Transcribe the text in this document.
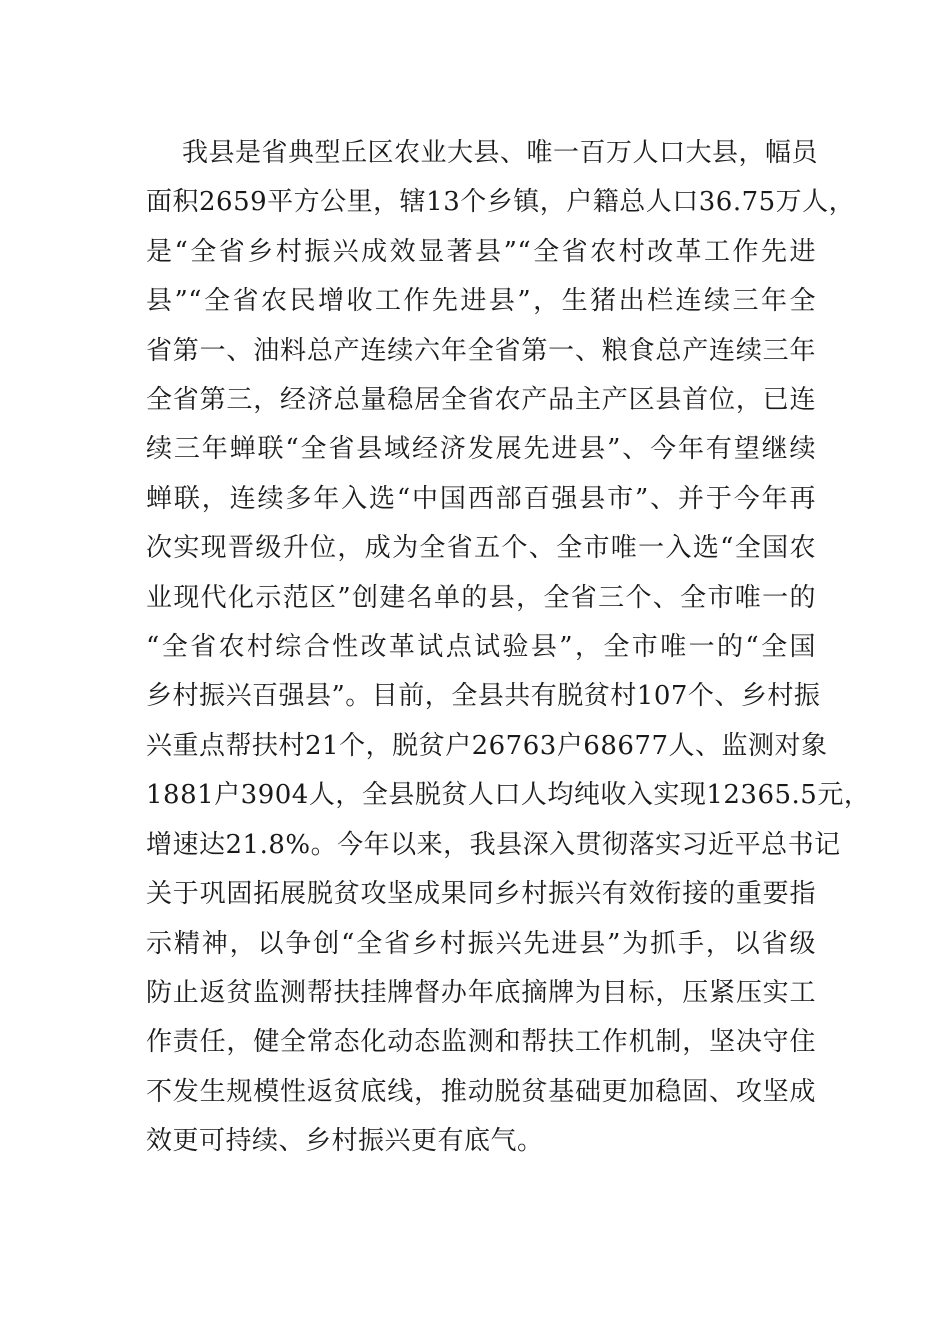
我县是省典型丘区农业大县、唯一百万人口大县，幅员
面积2659平方公里，辖13个乡镇，户籍总人口36.75万人，
是“全省乡村振兴成效显著县”“全省农村改革工作先进
县”“全省农民增收工作先进县”，生猪出栏连续三年全
省第一、油料总产连续六年全省第一、粮食总产连续三年
全省第三，经济总量稳居全省农产品主产区县首位，已连
续三年蝉联“全省县域经济发展先进县”、今年有望继续
蝉联，连续多年入选“中国西部百强县市”、并于今年再
次实现晋级升位，成为全省五个、全市唯一入选“全国农
业现代化示范区”创建名单的县，全省三个、全市唯一的
“全省农村综合性改革试点试验县”，全市唯一的“全国
乡村振兴百强县”。目前，全县共有脱贫村107个、乡村振
兴重点帮扶村21个，脱贫户26763户68677人、监测对象
1881户3904人，全县脱贫人口人均纯收入实现12365.5元，
增速达21.8%。今年以来，我县深入贯彻落实习近平总书记
关于巩固拓展脱贫攻坚成果同乡村振兴有效衔接的重要指
示精神，以争创“全省乡村振兴先进县”为抓手，以省级
防止返贫监测帮扶挂牌督办年底摘牌为目标，压紧压实工
作责任，健全常态化动态监测和帮扶工作机制，坚决守住
不发生规模性返贫底线，推动脱贫基础更加稳固、攻坚成
效更可持续、乡村振兴更有底气。
